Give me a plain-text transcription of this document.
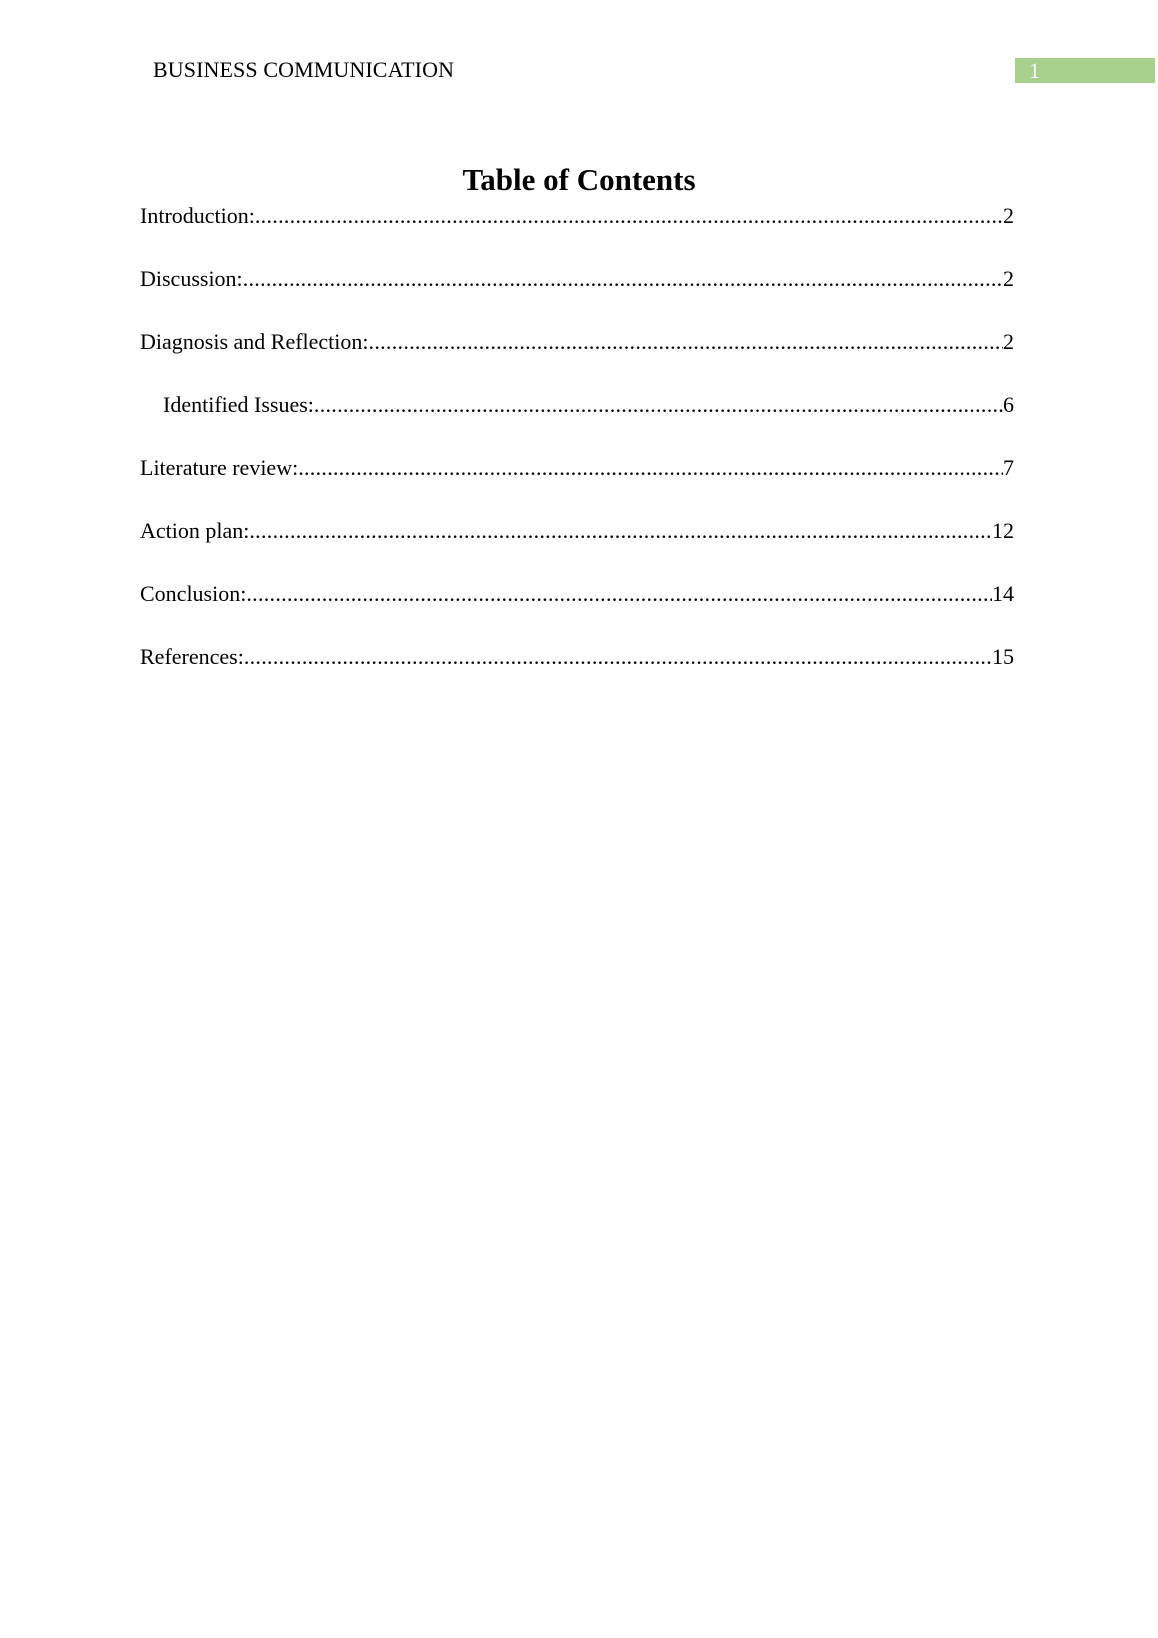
BUSINESS COMMUNICATION	1
Table of Contents
Introduction: .....	2
Discussion: .....	2
Diagnosis and Reflection: .....	2
Identified Issues: .....	6
Literature review: .....	7
Action plan: .....	12
Conclusion: .....	14
References: .....	15
